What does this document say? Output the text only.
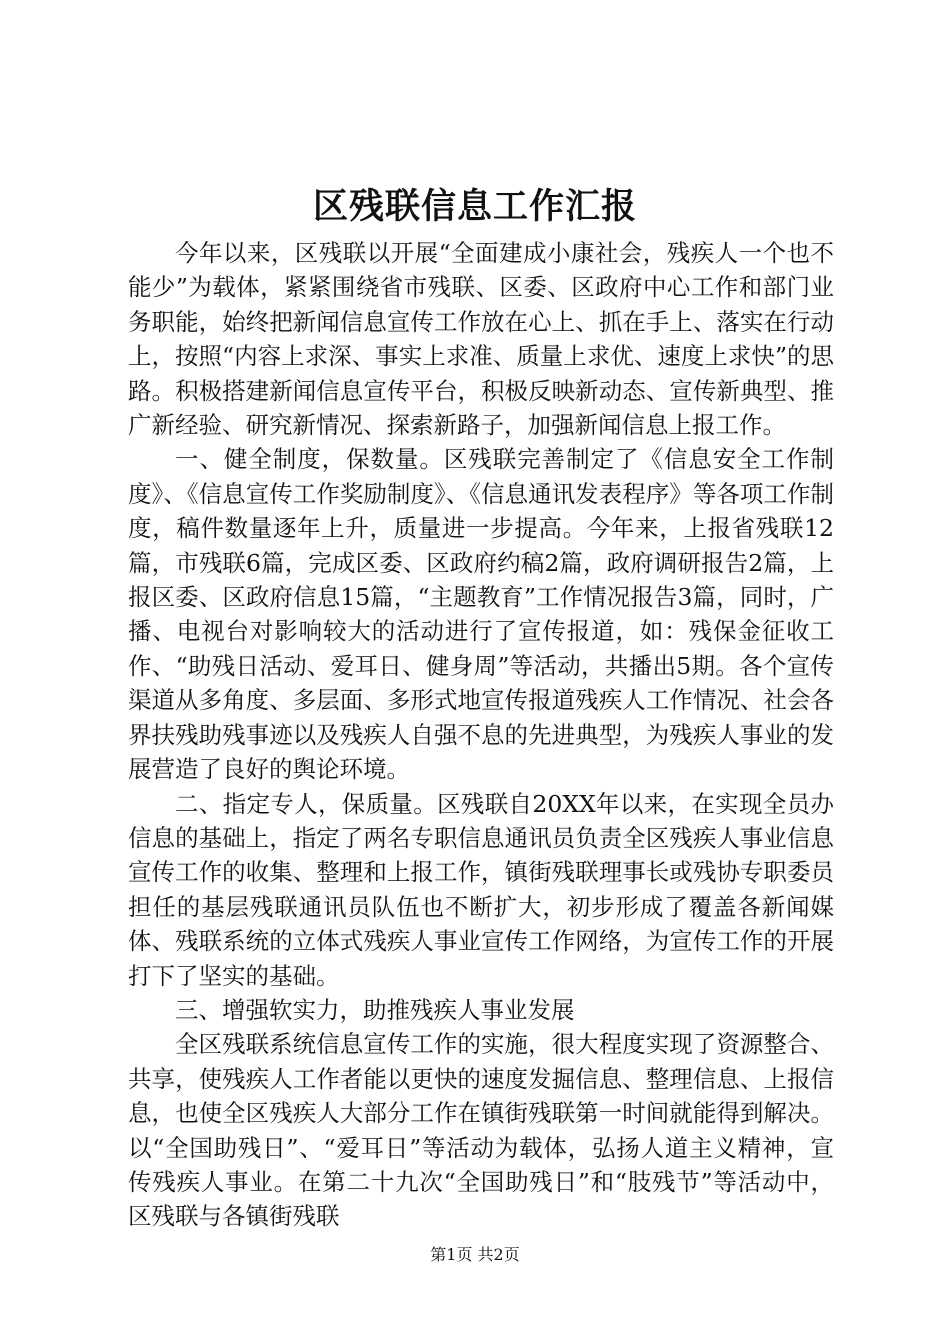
区残联信息工作汇报

今年以来，区残联以开展“全面建成小康社会，残疾人一个也不能少”为载体，紧紧围绕省市残联、区委、区政府中心工作和部门业务职能，始终把新闻信息宣传工作放在心上、抓在手上、落实在行动上，按照“内容上求深、事实上求准、质量上求优、速度上求快”的思路。积极搭建新闻信息宣传平台，积极反映新动态、宣传新典型、推广新经验、研究新情况、探索新路子，加强新闻信息上报工作。

一、健全制度，保数量。区残联完善制定了《信息安全工作制度》、《信息宣传工作奖励制度》、《信息通讯发表程序》等各项工作制度，稿件数量逐年上升，质量进一步提高。今年来，上报省残联12篇，市残联6篇，完成区委、区政府约稿2篇，政府调研报告2篇，上报区委、区政府信息15篇，“主题教育”工作情况报告3篇，同时，广播、电视台对影响较大的活动进行了宣传报道，如：残保金征收工作、“助残日活动、爱耳日、健身周”等活动，共播出5期。各个宣传渠道从多角度、多层面、多形式地宣传报道残疾人工作情况、社会各界扶残助残事迹以及残疾人自强不息的先进典型，为残疾人事业的发展营造了良好的舆论环境。

二、指定专人，保质量。区残联自20XX年以来，在实现全员办信息的基础上，指定了两名专职信息通讯员负责全区残疾人事业信息宣传工作的收集、整理和上报工作，镇街残联理事长或残协专职委员担任的基层残联通讯员队伍也不断扩大，初步形成了覆盖各新闻媒体、残联系统的立体式残疾人事业宣传工作网络，为宣传工作的开展打下了坚实的基础。

三、增强软实力，助推残疾人事业发展

全区残联系统信息宣传工作的实施，很大程度实现了资源整合、共享，使残疾人工作者能以更快的速度发掘信息、整理信息、上报信息，也使全区残疾人大部分工作在镇街残联第一时间就能得到解决。以“全国助残日”、“爱耳日”等活动为载体，弘扬人道主义精神，宣传残疾人事业。在第二十九次“全国助残日”和“肢残节”等活动中，区残联与各镇街残联

第1页 共2页
